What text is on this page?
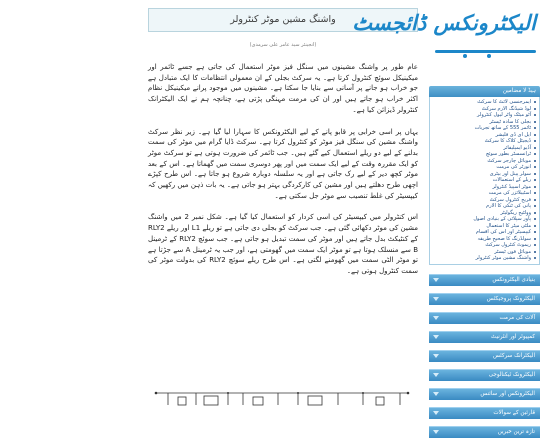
واشنگ مشین موٹر کنٹرولر
(انجینئر سید عامر علی سرمدی)

عام طور پر واشنگ مشینوں میں سنگل فیز موٹر استعمال کی جاتی ہے جسے ٹائمر اور میکینیکل سوئچ کنٹرول کرتا ہے۔ یہ سرکٹ بجلی کے ان معمولی انتظامات کا ایک متبادل ہے جو خراب ہو جانے پر آسانی سے بنایا جا سکتا ہے۔ مشینوں میں موجود پرانے میکینیکل نظام اکثر خراب ہو جاتے ہیں اور ان کی مرمت مہنگی پڑتی ہے، چنانچہ ہم نے ایک الیکٹرانک کنٹرولر ڈیزائن کیا ہے۔

یہاں پر اسی خرابی پر قابو پانے کے لیے الیکٹرونکس کا سہارا لیا گیا ہے۔ زیر نظر سرکٹ واشنگ مشین کی سنگل فیز موٹر کو کنٹرول کرتا ہے۔ سرکٹ ڈایا گرام میں موٹر کی سمت بدلنے کے لیے دو ریلے استعمال کیے گئے ہیں۔ جب ٹائمر کی ضرورت ہوتی ہے تو سرکٹ موٹر کو ایک مقررہ وقت کے لیے ایک سمت میں اور پھر دوسری سمت میں گھماتا ہے۔ اس کے بعد موٹر کچھ دیر کے لیے رک جاتی ہے اور یہ سلسلہ دوبارہ شروع ہو جاتا ہے۔ اس طرح کپڑے اچھی طرح دھلتے ہیں اور مشین کی کارکردگی بہتر ہو جاتی ہے۔ یہ بات ذہن میں رکھیں کہ کیپسیٹر کی غلط تنصیب سے موٹر جل سکتی ہے۔

اس کنٹرولر میں کیپسیٹر کی اسی کردار کو استعمال کیا گیا ہے۔ شکل نمبر 2 میں واشنگ مشین کی موٹر دکھائی گئی ہے۔ جب سرکٹ کو بجلی دی جاتی ہے تو ریلے L1 اور ریلے RLY2 کے کنٹیکٹ بدل جاتے ہیں اور موٹر کی سمت تبدیل ہو جاتی ہے۔ جب سوئچ RLY2 کے ٹرمینل B سے منسلک ہوتا ہے تو موٹر ایک سمت میں گھومتی ہے، اور جب یہ ٹرمینل A سے جڑتا ہے تو موٹر الٹی سمت میں گھومنے لگتی ہے۔ اس طرح ریلے سوئچ RLY2 کی بدولت موٹر کی سمت کنٹرول ہوتی ہے۔

الیکٹرونکس ڈائجسٹ
ہیڈ ﻻ مضامین
ایمرجنسی لائٹ کا سرکٹ
لوڈ شیڈنگ الارم سرکٹ
آٹو میٹک واٹر لیول کنٹرولر
بجلی کا سادہ ٹیسٹر
ٹائمر 555 کے ساتھ تجربات
ایل ای ڈی فلیشر
ڈیجیٹل کلاک کا سرکٹ
آڈیو ایمپلیفائر
ٹرانسسٹر بطور سوئچ
موبائل چارجر سرکٹ
انورٹر کی مرمت
سولر پینل اور بیٹری
ریلے کے استعمالات
موٹر اسپیڈ کنٹرولر
اسٹیبلائزر کی مرمت
فریج کنٹرول سرکٹ
پانی کی ٹنکی کا الارم
وولٹیج ریگولیٹر
پاور سپلائی کے بنیادی اصول
ملٹی میٹر کا استعمال
کیپسیٹر اور اس کی اقسام
سولڈرنگ کا صحیح طریقہ
ریموٹ کنٹرول سرکٹ
موبائل فون ٹیسٹر
واشنگ مشین موٹر کنٹرولر
بنیادی الیکٹرونکس
الیکٹرونک پروجیکٹس
آلات کی مرمت
کمپیوٹر اور انٹرنیٹ
الیکٹرانک سرکٹس
الیکٹرونک ٹیکنالوجی
الیکٹرونکس اور سائنس
قارئین کے سوالات
تازہ ترین خبریں
